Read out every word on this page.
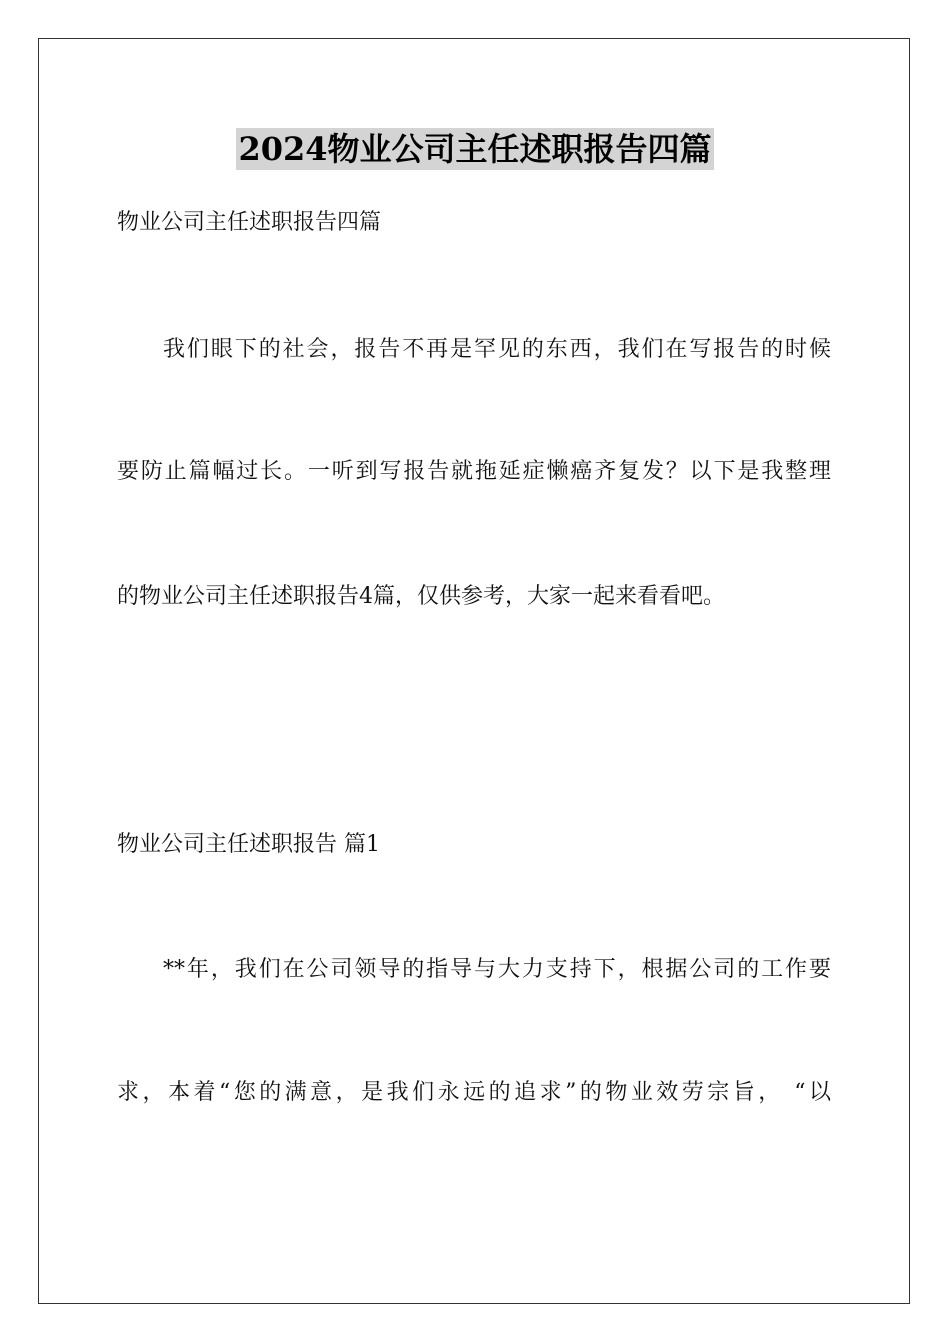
2024物业公司主任述职报告四篇
物业公司主任述职报告四篇
我们眼下的社会，报告不再是罕见的东西，我们在写报告的时候
要防止篇幅过长。一听到写报告就拖延症懒癌齐复发？以下是我整理
的物业公司主任述职报告4篇，仅供参考，大家一起来看看吧。
物业公司主任述职报告 篇1
**年，我们在公司领导的指导与大力支持下，根据公司的工作要
求，本着“您的满意，是我们永远的追求”的物业效劳宗旨， “以
